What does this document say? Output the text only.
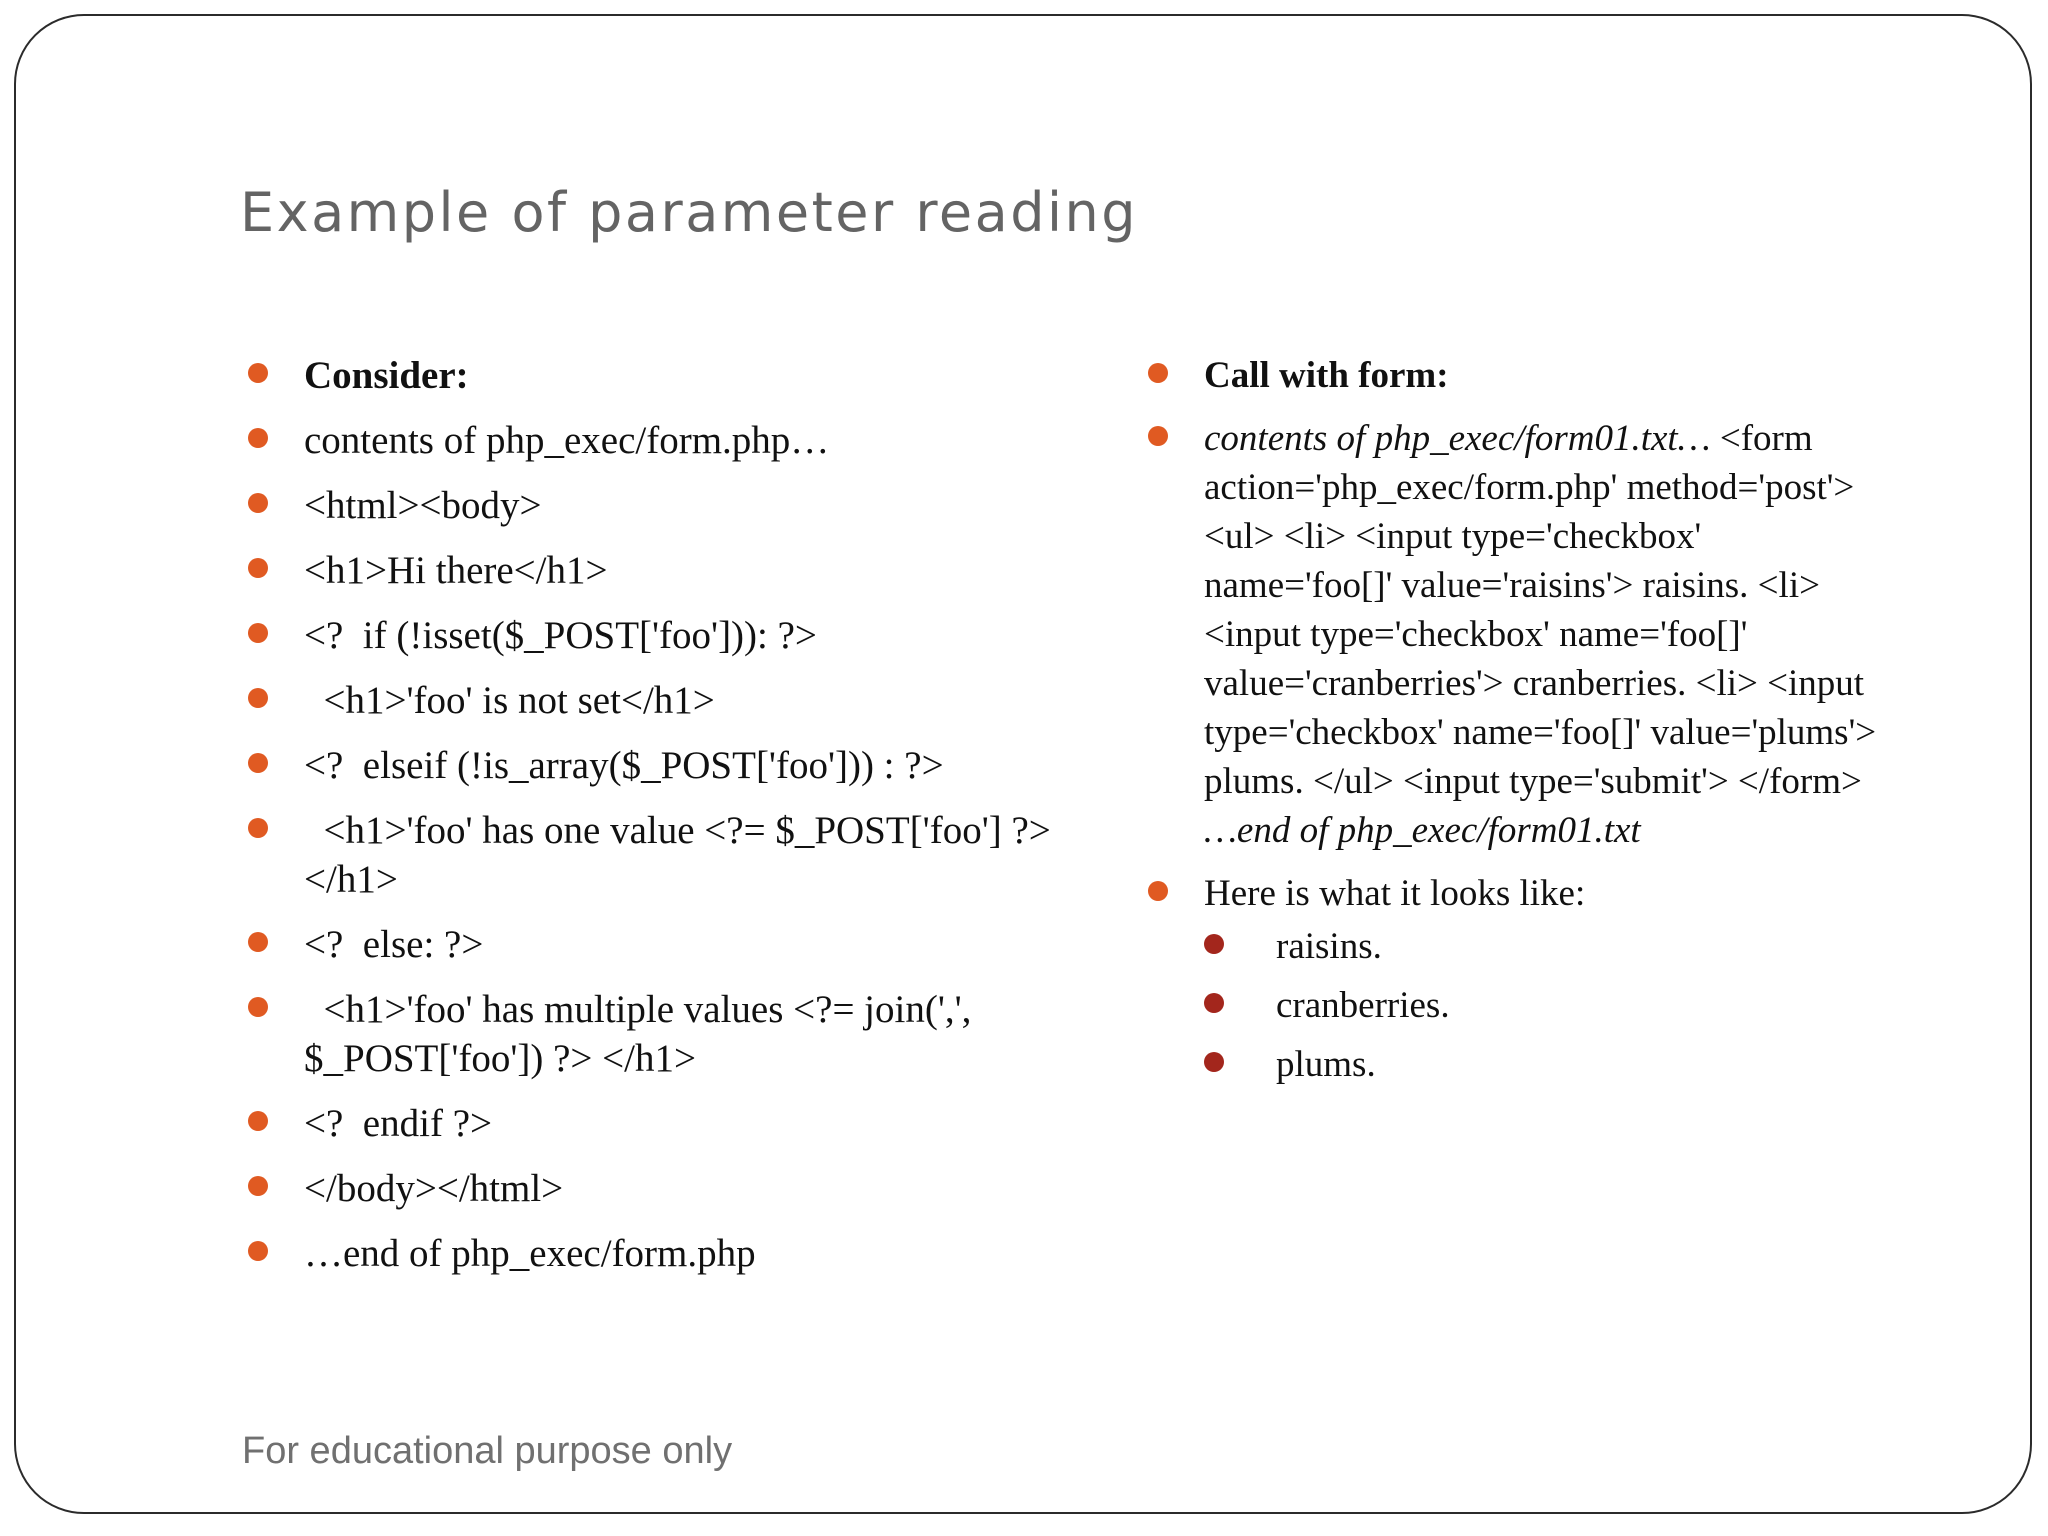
Example of parameter reading
Consider:
contents of php_exec/form.php…
<html><body>
<h1>Hi there</h1>
<?  if (!isset($_POST['foo'])): ?>
<h1>'foo' is not set</h1>
<?  elseif (!is_array($_POST['foo'])) : ?>
<h1>'foo' has one value <?= $_POST['foo'] ?> </h1>
<?  else: ?>
<h1>'foo' has multiple values <?= join(',', $_POST['foo']) ?> </h1>
<?  endif ?>
</body></html>
…end of php_exec/form.php
Call with form:
contents of php_exec/form01.txt… <form action='php_exec/form.php' method='post'> <ul> <li> <input type='checkbox' name='foo[]' value='raisins'> raisins. <li> <input type='checkbox' name='foo[]' value='cranberries'> cranberries. <li> <input type='checkbox' name='foo[]' value='plums'> plums. </ul> <input type='submit'> </form> …end of php_exec/form01.txt
Here is what it looks like:
raisins.
cranberries.
plums.
For educational purpose only
